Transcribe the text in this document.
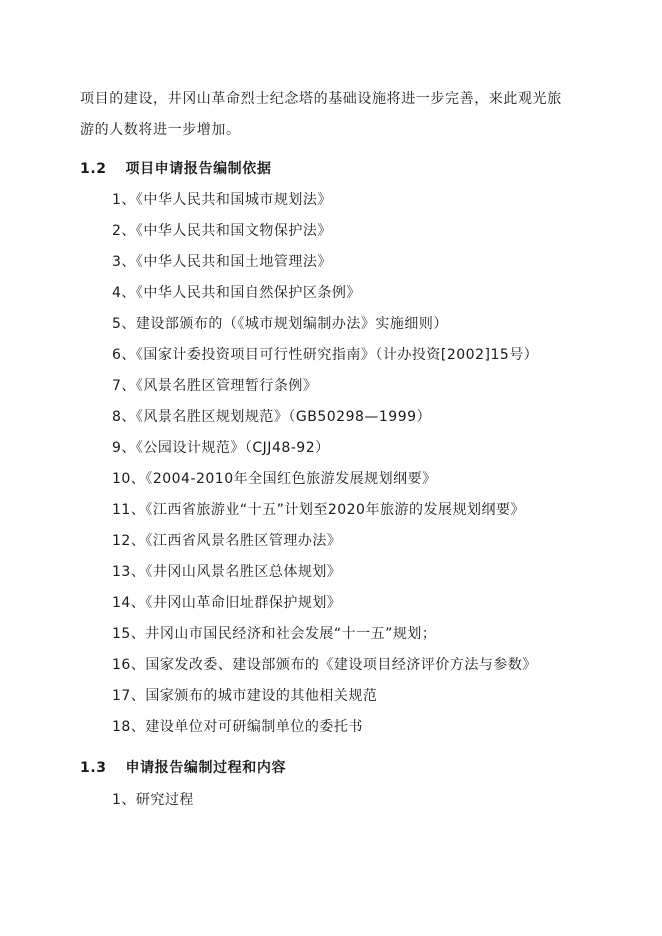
项目的建设，井冈山革命烈士纪念塔的基础设施将进一步完善，来此观光旅
游的人数将进一步增加。
1.2 项目申请报告编制依据
1、《中华人民共和国城市规划法》
2、《中华人民共和国文物保护法》
3、《中华人民共和国土地管理法》
4、《中华人民共和国自然保护区条例》
5、建设部颁布的（《城市规划编制办法》实施细则）
6、《国家计委投资项目可行性研究指南》（计办投资[2002]15号）
7、《风景名胜区管理暂行条例》
8、《风景名胜区规划规范》（GB50298—1999）
9、《公园设计规范》（CJJ48-92）
10、《2004-2010年全国红色旅游发展规划纲要》
11、《江西省旅游业“十五”计划至2020年旅游的发展规划纲要》
12、《江西省风景名胜区管理办法》
13、《井冈山风景名胜区总体规划》
14、《井冈山革命旧址群保护规划》
15、井冈山市国民经济和社会发展“十一五”规划；
16、国家发改委、建设部颁布的《建设项目经济评价方法与参数》
17、国家颁布的城市建设的其他相关规范
18、建设单位对可研编制单位的委托书
1.3 申请报告编制过程和内容
1、研究过程
